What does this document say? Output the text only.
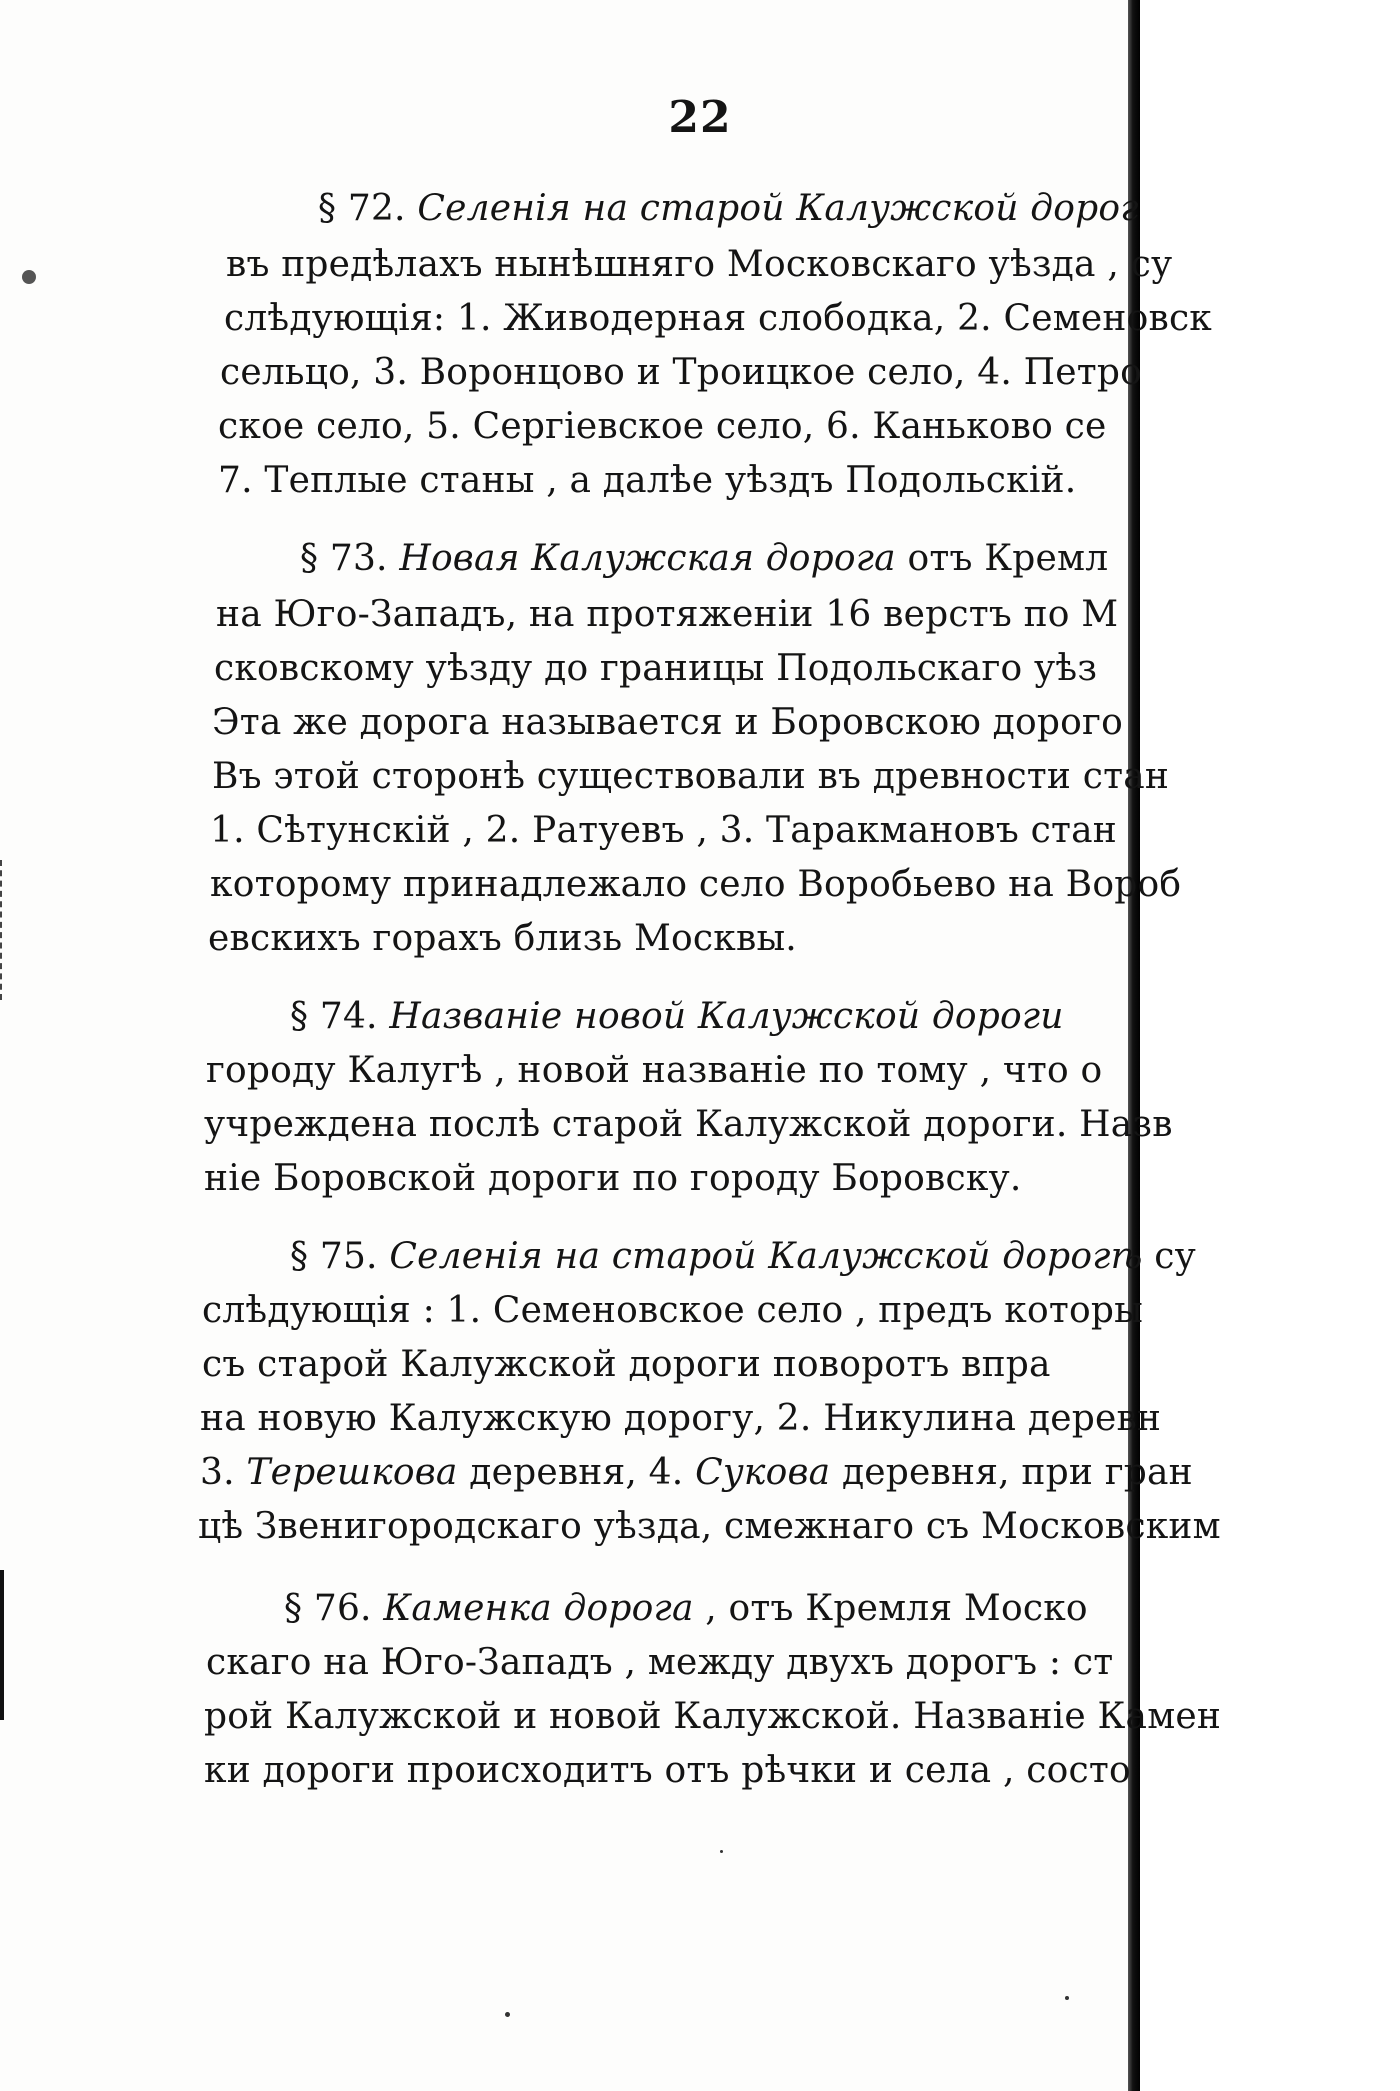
22
§ 72. Селенія на старой Калужской дорог
въ предѣлахъ нынѣшняго Московскаго уѣзда , су
слѣдующія: 1. Живодерная слободка, 2. Семеновск
сельцо, 3. Воронцово и Троицкое село, 4. Петро
ское село, 5. Сергіевское село, 6. Каньково се
7. Теплые станы , а далѣе уѣздъ Подольскій.
§ 73. Новая Калужская дорога отъ Кремл
на Юго-Западъ, на протяженіи 16 верстъ по М
сковскому уѣзду до границы Подольскаго уѣз
Эта же дорога называется и Боровскою дорого
Въ этой сторонѣ существовали въ древности стан
1. Сѣтунскій , 2. Ратуевъ , 3. Таракмановъ стан
которому принадлежало село Воробьево на Вороб
евскихъ горахъ близь Москвы.
§ 74. Названіе новой Калужской дороги
городу Калугѣ , новой названіе по тому , что о
учреждена послѣ старой Калужской дороги. Назв
ніе Боровской дороги по городу Боровску.
§ 75. Селенія на старой Калужской дорогѣ су
слѣдующія : 1. Семеновское село , предъ которы
съ старой Калужской дороги поворотъ впра
на новую Калужскую дорогу, 2. Никулина деревн
3. Терешкова деревня, 4. Сукова деревня, при гран
цѣ Звенигородскаго уѣзда, смежнаго съ Московским
§ 76. Каменка дорога , отъ Кремля Моско
скаго на Юго-Западъ , между двухъ дорогъ : ст
рой Калужской и новой Калужской. Названіе Камен
ки дороги происходитъ отъ рѣчки и села , состо
